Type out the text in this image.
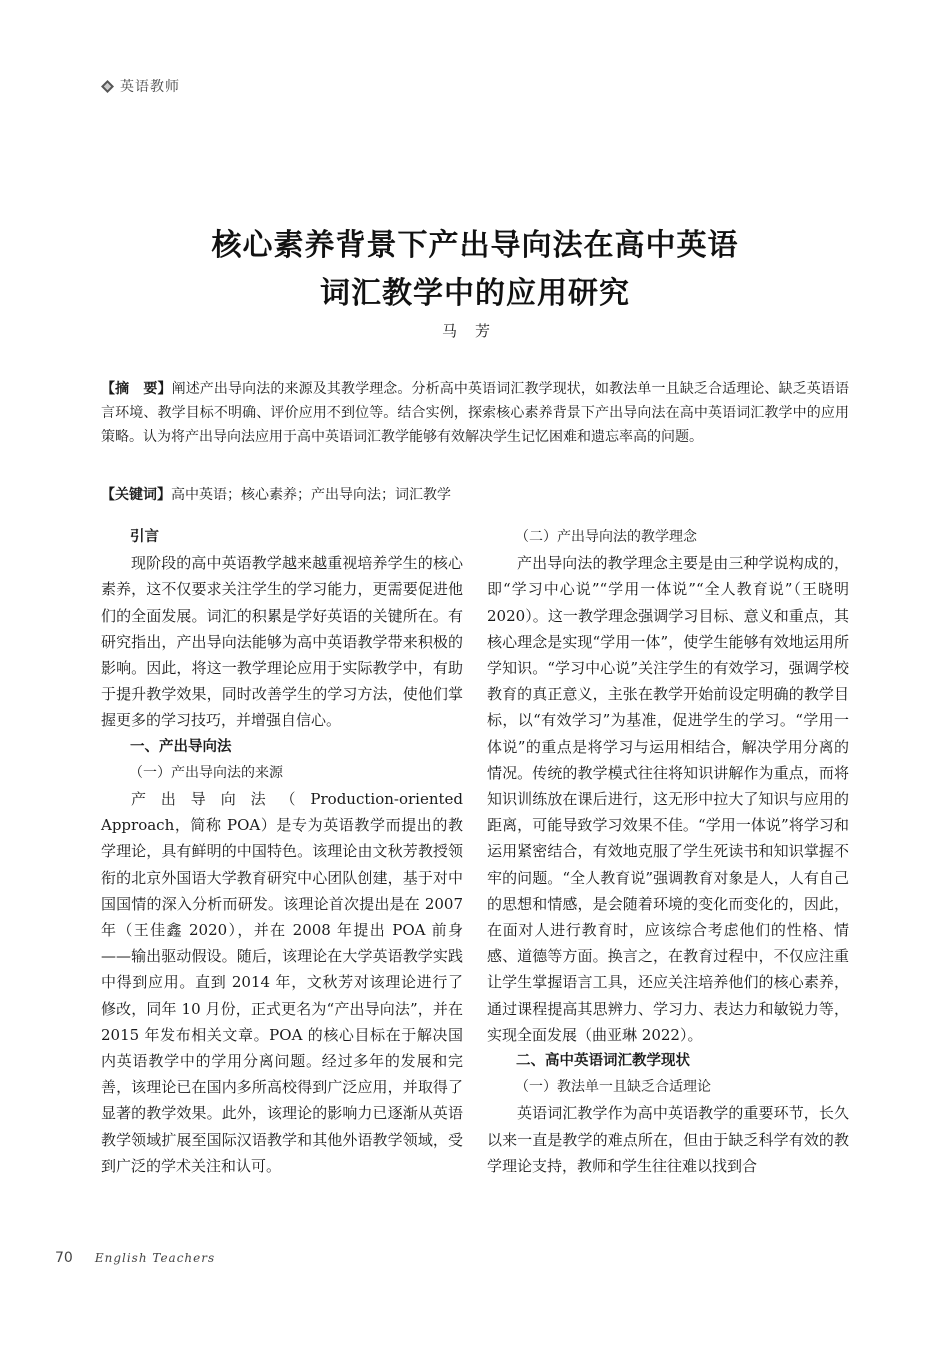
英语教师
核心素养背景下产出导向法在高中英语
词汇教学中的应用研究
马芳
【摘　要】阐述产出导向法的来源及其教学理念。分析高中英语词汇教学现状，如教法单一且缺乏合适理论、缺乏英语语言环境、教学目标不明确、评价应用不到位等。结合实例，探索核心素养背景下产出导向法在高中英语词汇教学中的应用策略。认为将产出导向法应用于高中英语词汇教学能够有效解决学生记忆困难和遗忘率高的问题。
【关键词】高中英语；核心素养；产出导向法；词汇教学
引言

现阶段的高中英语教学越来越重视培养学生的核心素养，这不仅要求关注学生的学习能力，更需要促进他们的全面发展。词汇的积累是学好英语的关键所在。有研究指出，产出导向法能够为高中英语教学带来积极的影响。因此，将这一教学理论应用于实际教学中，有助于提升教学效果，同时改善学生的学习方法，使他们掌握更多的学习技巧，并增强自信心。

一、产出导向法
（一）产出导向法的来源

产出导向法（Production-oriented Approach，简称 POA）是专为英语教学而提出的教学理论，具有鲜明的中国特色。该理论由文秋芳教授领衔的北京外国语大学教育研究中心团队创建，基于对中国国情的深入分析而研发。该理论首次提出是在 2007 年（王佳鑫 2020），并在 2008 年提出 POA 前身——输出驱动假设。随后，该理论在大学英语教学实践中得到应用。直到 2014 年，文秋芳对该理论进行了修改，同年 10 月份，正式更名为“产出导向法”，并在2015 年发布相关文章。POA 的核心目标在于解决国内英语教学中的学用分离问题。经过多年的发展和完善，该理论已在国内多所高校得到广泛应用，并取得了显著的教学效果。此外，该理论的影响力已逐渐从英语教学领域扩展至国际汉语教学和其他外语教学领域，受到广泛的学术关注和认可。

（二）产出导向法的教学理念

产出导向法的教学理念主要是由三种学说构成的，即“学习中心说”“学用一体说”“全人教育说”（王晓明 2020）。这一教学理念强调学习目标、意义和重点，其核心理念是实现“学用一体”，使学生能够有效地运用所学知识。“学习中心说”关注学生的有效学习，强调学校教育的真正意义，主张在教学开始前设定明确的教学目标，以“有效学习”为基准，促进学生的学习。“学用一体说”的重点是将学习与运用相结合，解决学用分离的情况。传统的教学模式往往将知识讲解作为重点，而将知识训练放在课后进行，这无形中拉大了知识与应用的距离，可能导致学习效果不佳。“学用一体说”将学习和运用紧密结合，有效地克服了学生死读书和知识掌握不牢的问题。“全人教育说”强调教育对象是人，人有自己的思想和情感，是会随着环境的变化而变化的，因此，在面对人进行教育时，应该综合考虑他们的性格、情感、道德等方面。换言之，在教育过程中，不仅应注重让学生掌握语言工具，还应关注培养他们的核心素养，通过课程提高其思辨力、学习力、表达力和敏锐力等，实现全面发展（曲亚琳 2022）。

二、高中英语词汇教学现状
（一）教法单一且缺乏合适理论

英语词汇教学作为高中英语教学的重要环节，长久以来一直是教学的难点所在，但由于缺乏科学有效的教学理论支持，教师和学生往往难以找到合

70 English Teachers
